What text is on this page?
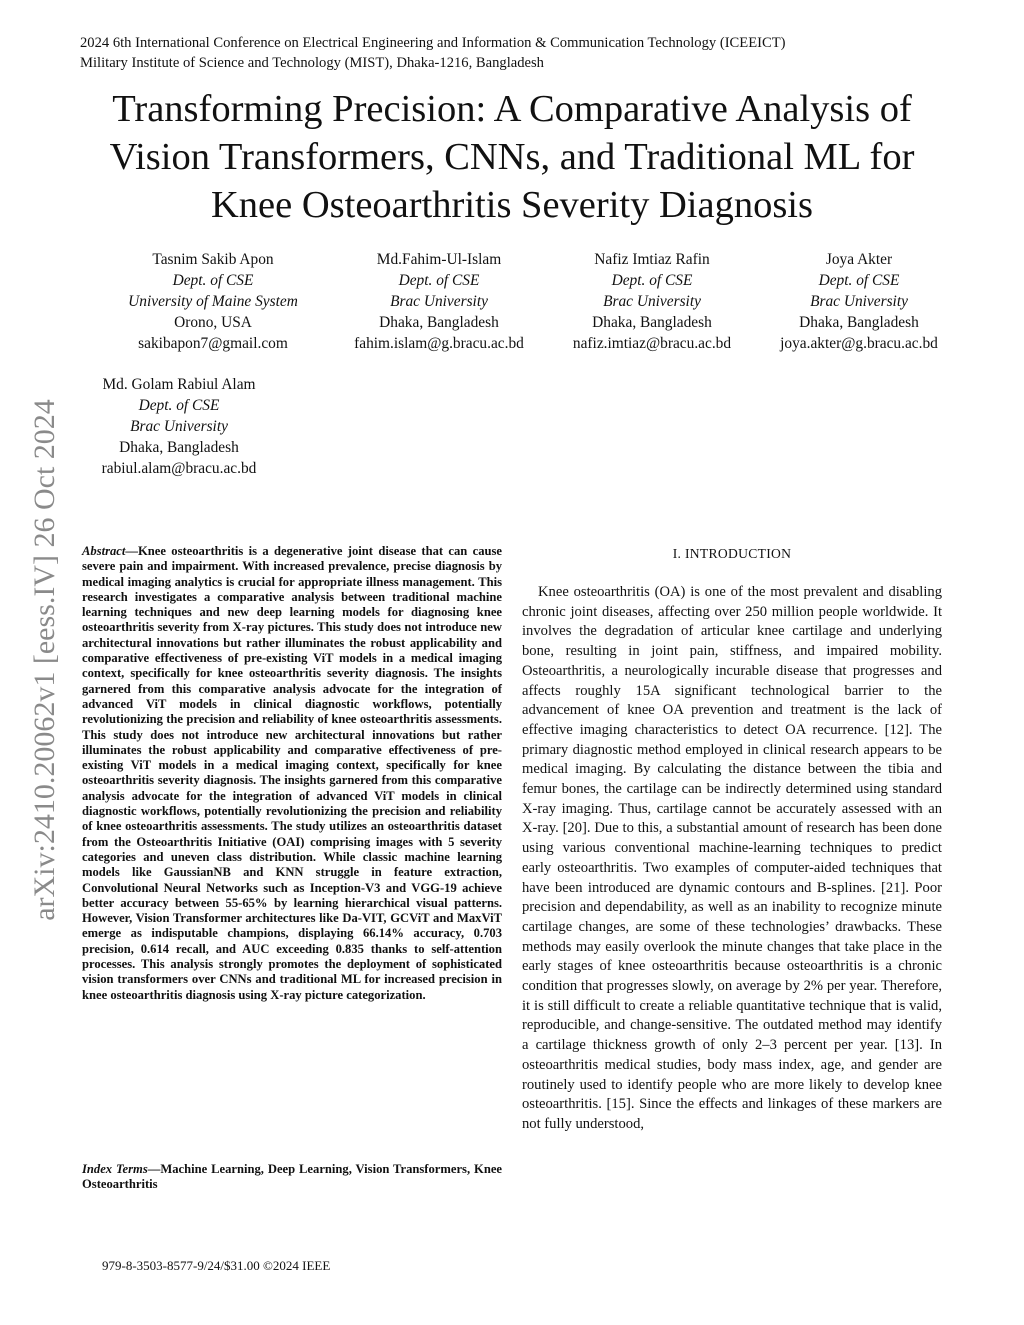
2024 6th International Conference on Electrical Engineering and Information & Communication Technology (ICEEICT)
Military Institute of Science and Technology (MIST), Dhaka-1216, Bangladesh
Transforming Precision: A Comparative Analysis of
Vision Transformers, CNNs, and Traditional ML for
Knee Osteoarthritis Severity Diagnosis
Tasnim Sakib Apon
Dept. of CSE
University of Maine System
Orono, USA
sakibapon7@gmail.com
Md.Fahim-Ul-Islam
Dept. of CSE
Brac University
Dhaka, Bangladesh
fahim.islam@g.bracu.ac.bd
Nafiz Imtiaz Rafin
Dept. of CSE
Brac University
Dhaka, Bangladesh
nafiz.imtiaz@bracu.ac.bd
Joya Akter
Dept. of CSE
Brac University
Dhaka, Bangladesh
joya.akter@g.bracu.ac.bd
Md. Golam Rabiul Alam
Dept. of CSE
Brac University
Dhaka, Bangladesh
rabiul.alam@bracu.ac.bd
arXiv:2410.20062v1 [eess.IV] 26 Oct 2024 Abstract—Knee osteoarthritis is a degenerative joint disease that can cause severe pain and impairment. With increased prevalence, precise diagnosis by medical imaging analytics is crucial for appropriate illness management. This research investigates a comparative analysis between traditional machine learning techniques and new deep learning models for diagnosing knee osteoarthritis severity from X-ray pictures. This study does not introduce new architectural innovations but rather illuminates the robust applicability and comparative effectiveness of pre-existing ViT models in a medical imaging context, specifically for knee osteoarthritis severity diagnosis. The insights garnered from this comparative analysis advocate for the integration of advanced ViT models in clinical diagnostic workflows, potentially revolutionizing the precision and reliability of knee osteoarthritis assessments. This study does not introduce new architectural innovations but rather illuminates the robust applicability and comparative effectiveness of pre-existing ViT models in a medical imaging context, specifically for knee osteoarthritis severity diagnosis. The insights garnered from this comparative analysis advocate for the integration of advanced ViT models in clinical diagnostic workflows, potentially revolutionizing the precision and reliability of knee osteoarthritis assessments. The study utilizes an osteoarthritis dataset from the Osteoarthritis Initiative (OAI) comprising images with 5 severity categories and uneven class distribution. While classic machine learning models like GaussianNB and KNN struggle in feature extraction, Convolutional Neural Networks such as Inception-V3 and VGG-19 achieve better accuracy between 55-65% by learning hierarchical visual patterns. However, Vision Transformer architectures like Da-VIT, GCViT and MaxViT emerge as indisputable champions, displaying 66.14% accuracy, 0.703 precision, 0.614 recall, and AUC exceeding 0.835 thanks to self-attention processes. This analysis strongly promotes the deployment of sophisticated vision transformers over CNNs and traditional ML for increased precision in knee osteoarthritis diagnosis using X-ray picture categorization.
Index Terms—Machine Learning, Deep Learning, Vision Transformers, Knee Osteoarthritis
I. INTRODUCTION

Knee osteoarthritis (OA) is one of the most prevalent and disabling chronic joint diseases, affecting over 250 million people worldwide. It involves the degradation of articular knee cartilage and underlying bone, resulting in joint pain, stiffness, and impaired mobility. Osteoarthritis, a neurologically incurable disease that progresses and affects roughly 15A significant technological barrier to the advancement of knee OA prevention and treatment is the lack of effective imaging characteristics to detect OA recurrence. [12]. The primary diagnostic method employed in clinical research appears to be medical imaging. By calculating the distance between the tibia and femur bones, the cartilage can be indirectly determined using standard X-ray imaging. Thus, cartilage cannot be accurately assessed with an X-ray. [20]. Due to this, a substantial amount of research has been done using various conventional machine-learning techniques to predict early osteoarthritis. Two examples of computer-aided techniques that have been introduced are dynamic contours and B-splines. [21]. Poor precision and dependability, as well as an inability to recognize minute cartilage changes, are some of these technologies’ drawbacks. These methods may easily overlook the minute changes that take place in the early stages of knee osteoarthritis because osteoarthritis is a chronic condition that progresses slowly, on average by 2% per year. Therefore, it is still difficult to create a reliable quantitative technique that is valid, reproducible, and change-sensitive. The outdated method may identify a cartilage thickness growth of only 2–3 percent per year. [13]. In osteoarthritis medical studies, body mass index, age, and gender are routinely used to identify people who are more likely to develop knee osteoarthritis. [15]. Since the effects and linkages of these markers are not fully understood,

979-8-3503-8577-9/24/$31.00 ©2024 IEEE
